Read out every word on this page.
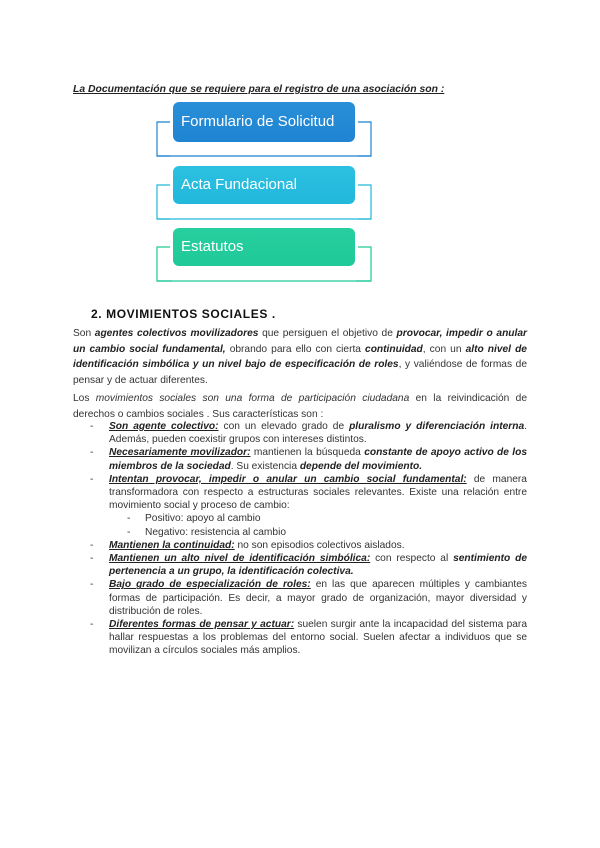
La Documentación que se requiere para el registro de una asociación son :
Formulario de Solicitud
Acta Fundacional
Estatutos
2. MOVIMIENTOS SOCIALES .
Son agentes colectivos movilizadores que persiguen el objetivo de provocar, impedir o anular un cambio social fundamental, obrando para ello con cierta continuidad, con un alto nivel de identificación simbólica y un nivel bajo de especificación de roles, y valiéndose de formas de pensar y de actuar diferentes.
Los movimientos sociales son una forma de participación ciudadana en la reivindicación de derechos o cambios sociales . Sus características son :
- Son agente colectivo: con un elevado grado de pluralismo y diferenciación interna. Además, pueden coexistir grupos con intereses distintos.
- Necesariamente movilizador: mantienen la búsqueda constante de apoyo activo de los miembros de la sociedad. Su existencia depende del movimiento.
- Intentan provocar, impedir o anular un cambio social fundamental: de manera transformadora con respecto a estructuras sociales relevantes. Existe una relación entre movimiento social y proceso de cambio:
- Positivo: apoyo al cambio
- Negativo: resistencia al cambio
- Mantienen la continuidad: no son episodios colectivos aislados.
- Mantienen un alto nivel de identificación simbólica: con respecto al sentimiento de pertenencia a un grupo, la identificación colectiva.
- Bajo grado de especialización de roles: en las que aparecen múltiples y cambiantes formas de participación. Es decir, a mayor grado de organización, mayor diversidad y distribución de roles.
- Diferentes formas de pensar y actuar: suelen surgir ante la incapacidad del sistema para hallar respuestas a los problemas del entorno social. Suelen afectar a individuos que se movilizan a círculos sociales más amplios.
